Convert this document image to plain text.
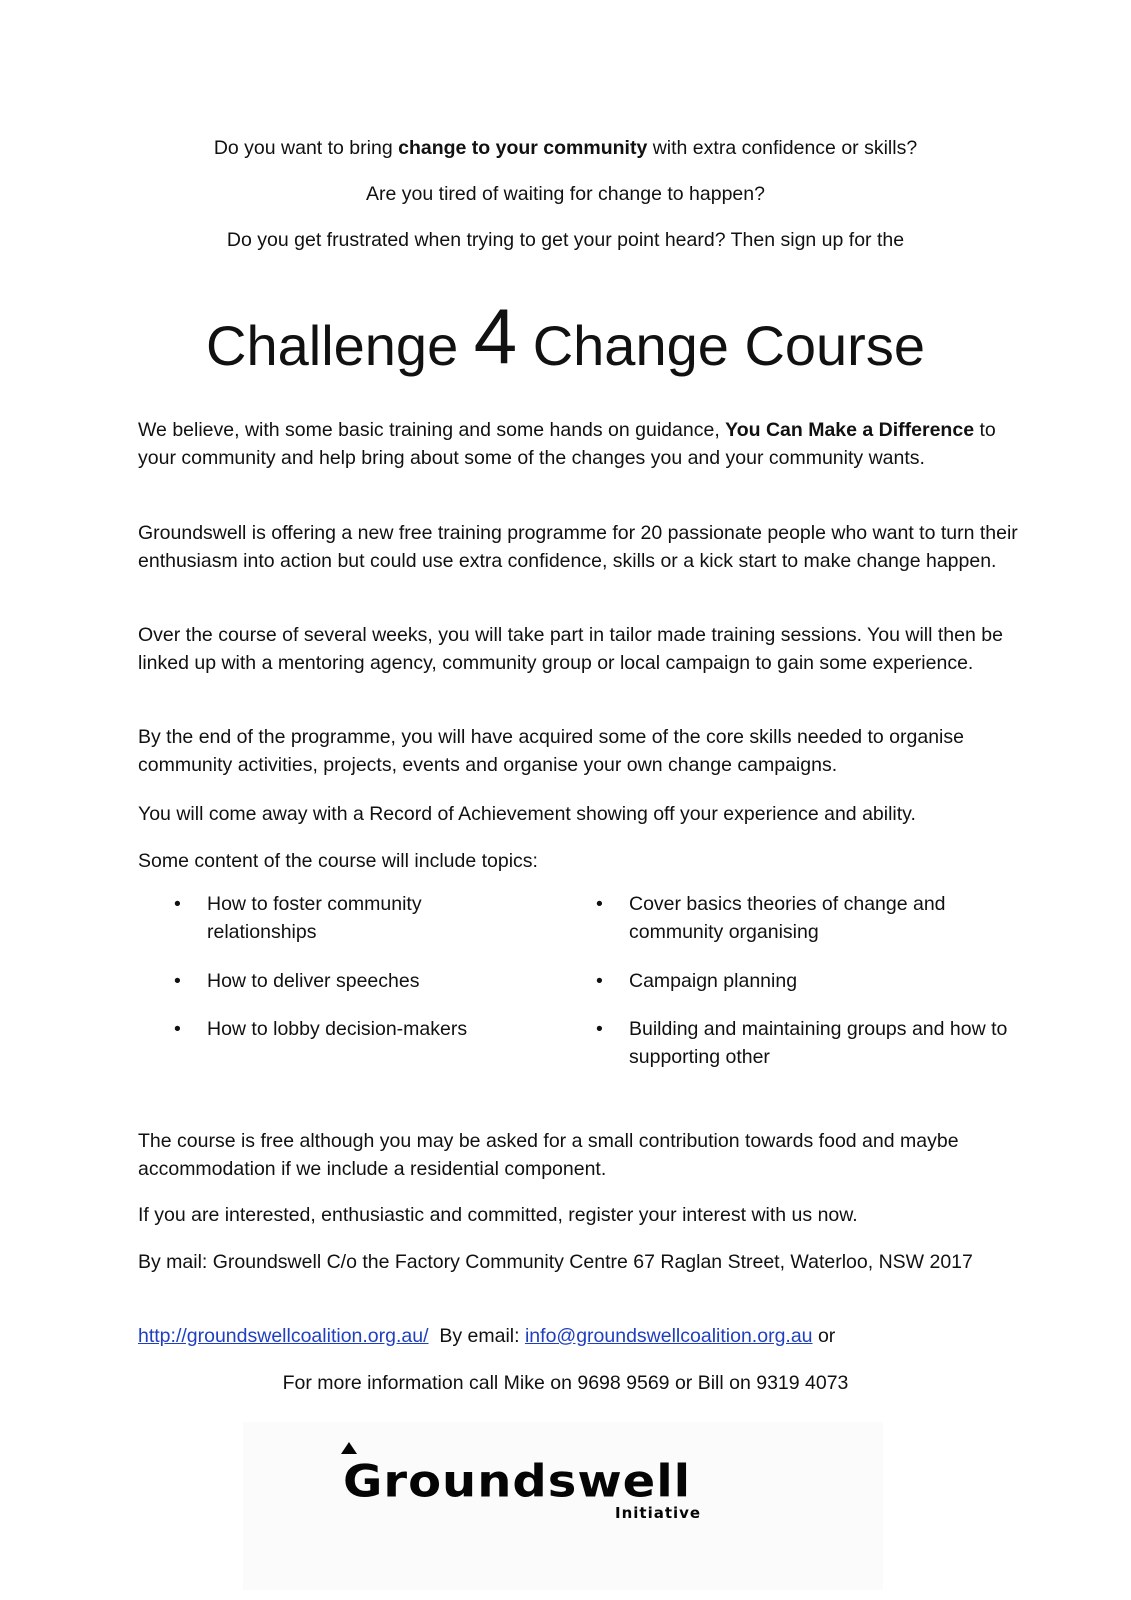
Do you want to bring change to your community with extra confidence or skills?
Are you tired of waiting for change to happen?
Do you get frustrated when trying to get your point heard? Then sign up for the
Challenge 4 Change Course

We believe, with some basic training and some hands on guidance, You Can Make a Difference to your community and help bring about some of the changes you and your community wants.

Groundswell is offering a new free training programme for 20 passionate people who want to turn their enthusiasm into action but could use extra confidence, skills or a kick start to make change happen.

Over the course of several weeks, you will take part in tailor made training sessions. You will then be linked up with a mentoring agency, community group or local campaign to gain some experience.

By the end of the programme, you will have acquired some of the core skills needed to organise community activities, projects, events and organise your own change campaigns.

You will come away with a Record of Achievement showing off your experience and ability.

Some content of the course will include topics:

• How to foster community relationships
• How to deliver speeches
• How to lobby decision-makers
• Cover basics theories of change and community organising
• Campaign planning
• Building and maintaining groups and how to supporting other

The course is free although you may be asked for a small contribution towards food and maybe accommodation if we include a residential component.

If you are interested, enthusiastic and committed, register your interest with us now.

By mail: Groundswell C/o the Factory Community Centre 67 Raglan Street, Waterloo, NSW 2017

http://groundswellcoalition.org.au/  By email: info@groundswellcoalition.org.au or

For more information call Mike on 9698 9569 or Bill on 9319 4073

Groundswell
Initiative
